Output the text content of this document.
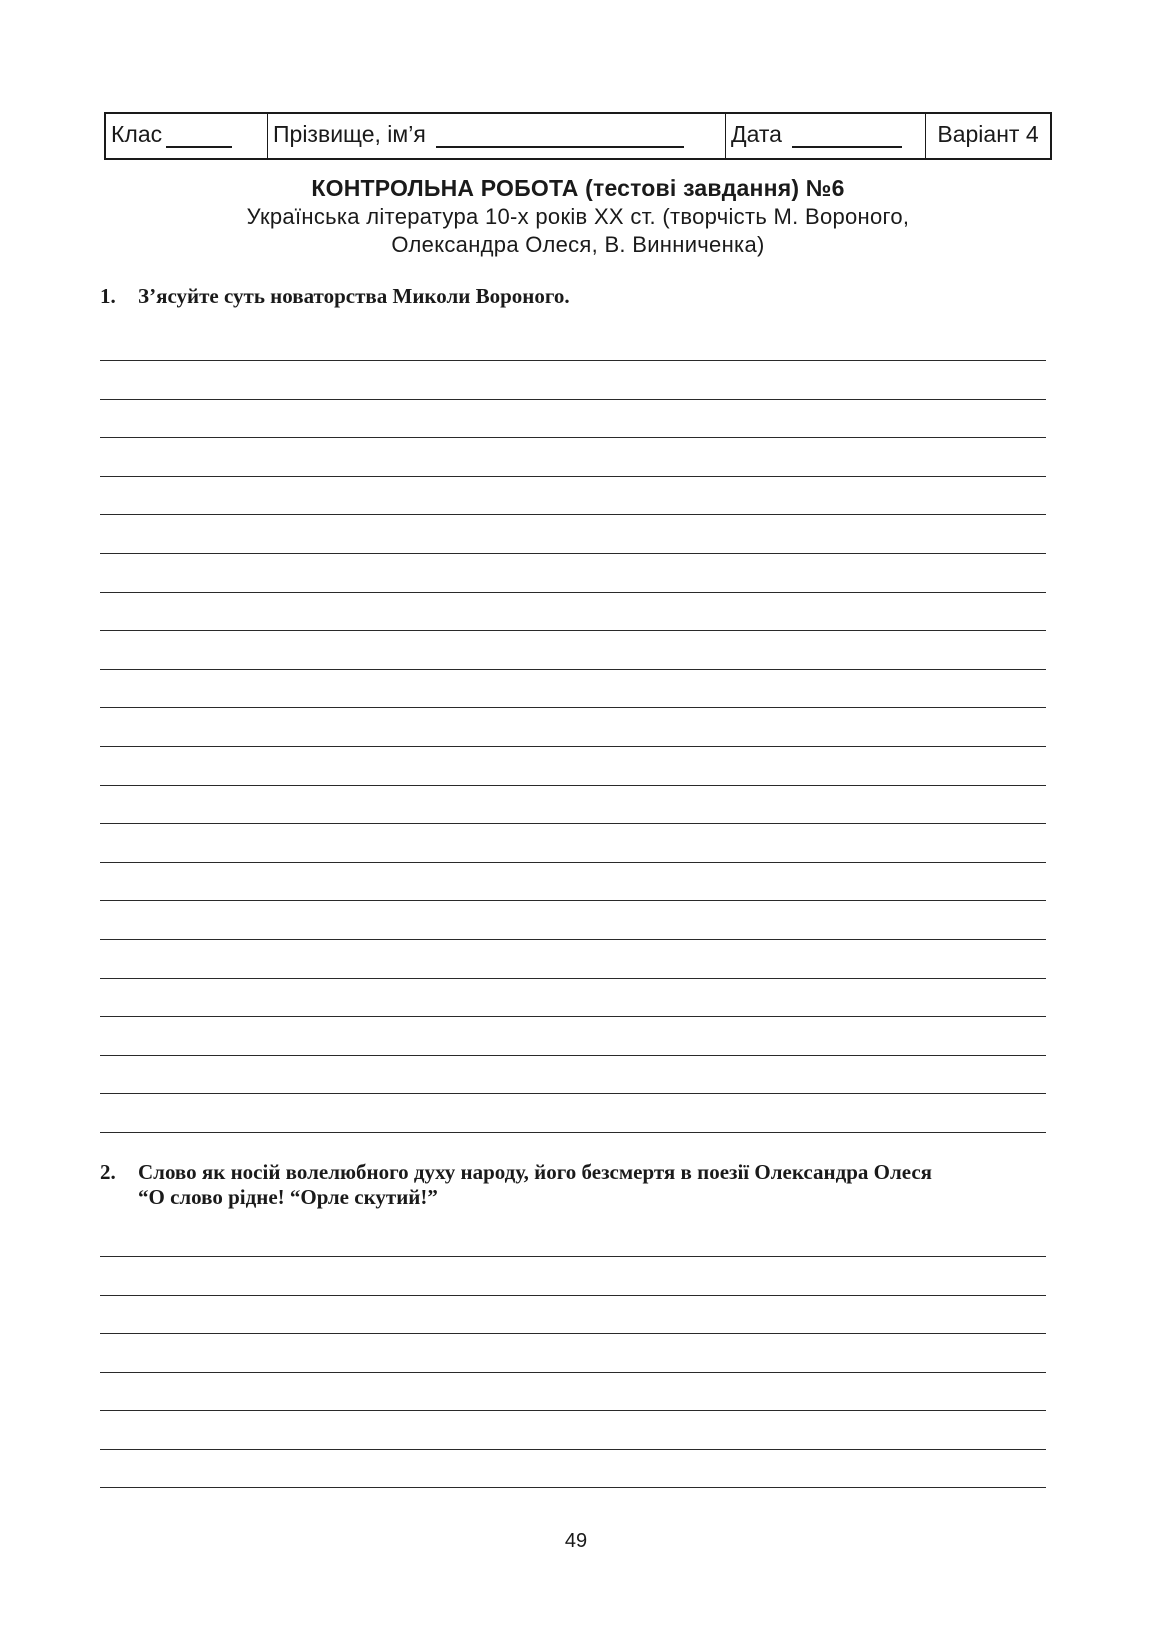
Клас	Прізвище, ім’я	Дата	Варіант 4
КОНТРОЛЬНА РОБОТА (тестові завдання) №6
Українська література 10-х років XX ст. (творчість М. Вороного,
Олександра Олеся, В. Винниченка)
1. З’ясуйте суть новаторства Миколи Вороного.
2. Слово як носій волелюбного духу народу, його безсмертя в поезії Олександра Олеся
“О слово рідне! “Орле скутий!”
49
